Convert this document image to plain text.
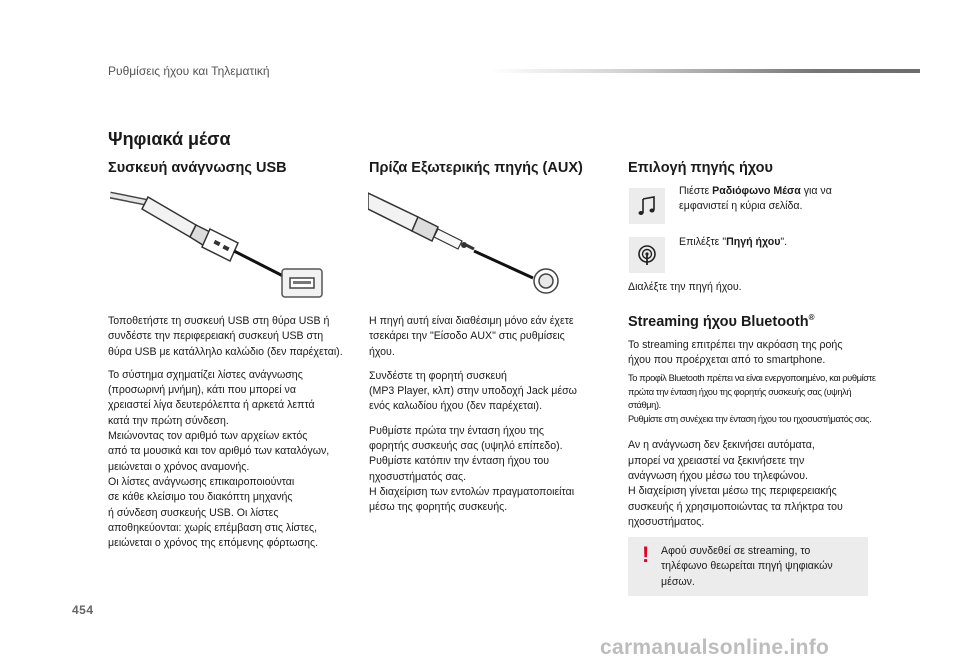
Ρυθμίσεις ήχου και Τηλεματική
Ψηφιακά μέσα
Συσκευή ανάγνωσης USB

Τοποθετήστε τη συσκευή USB στη θύρα USB ή
συνδέστε την περιφερειακή συσκευή USB στη
θύρα USB με κατάλληλο καλώδιο (δεν παρέχεται).

Το σύστημα σχηματίζει λίστες ανάγνωσης
(προσωρινή μνήμη), κάτι που μπορεί να
χρειαστεί λίγα δευτερόλεπτα ή αρκετά λεπτά
κατά την πρώτη σύνδεση.
Μειώνοντας τον αριθμό των αρχείων εκτός
από τα μουσικά και τον αριθμό των καταλόγων,
μειώνεται ο χρόνος αναμονής.
Οι λίστες ανάγνωσης επικαιροποιούνται
σε κάθε κλείσιμο του διακόπτη μηχανής
ή σύνδεση συσκευής USB. Οι λίστες
αποθηκεύονται: χωρίς επέμβαση στις λίστες,
μειώνεται ο χρόνος της επόμενης φόρτωσης.

Πρίζα Εξωτερικής πηγής (AUX)

Η πηγή αυτή είναι διαθέσιμη μόνο εάν έχετε
τσεκάρει την "Είσοδο AUX" στις ρυθμίσεις
ήχου.

Συνδέστε τη φορητή συσκευή
(MP3 Player, κλπ) στην υποδοχή Jack μέσω
ενός καλωδίου ήχου (δεν παρέχεται).

Ρυθμίστε πρώτα την ένταση ήχου της
φορητής συσκευής σας (υψηλό επίπεδο).
Ρυθμίστε κατόπιν την ένταση ήχου του
ηχοσυστήματός σας.
Η διαχείριση των εντολών πραγματοποιείται
μέσω της φορητής συσκευής.

Επιλογή πηγής ήχου

Πιέστε Ραδιόφωνο Μέσα για να

εμφανιστεί η κύρια σελίδα.

Επιλέξτε "Πηγή ήχου".

Διαλέξτε την πηγή ήχου.

Streaming ήχου Bluetooth®

To streaming επιτρέπει την ακρόαση της ροής
ήχου που προέρχεται από το smartphone.

Το προφίλ Bluetooth πρέπει να είναι ενεργοποιημένο, και ρυθμίστε
πρώτα την ένταση ήχου της φορητής συσκευής σας (υψηλή
στάθμη).
Ρυθμίστε στη συνέχεια την ένταση ήχου του ηχοσυστήματός σας.

Αν η ανάγνωση δεν ξεκινήσει αυτόματα,
μπορεί να χρειαστεί να ξεκινήσετε την
ανάγνωση ήχου μέσω του τηλεφώνου.
Η διαχείριση γίνεται μέσω της περιφερειακής
συσκευής ή χρησιμοποιώντας τα πλήκτρα του
ηχοσυστήματος.

! Αφού συνδεθεί σε streaming, το
τηλέφωνο θεωρείται πηγή ψηφιακών
μέσων.
454
carmanualsonline.info
